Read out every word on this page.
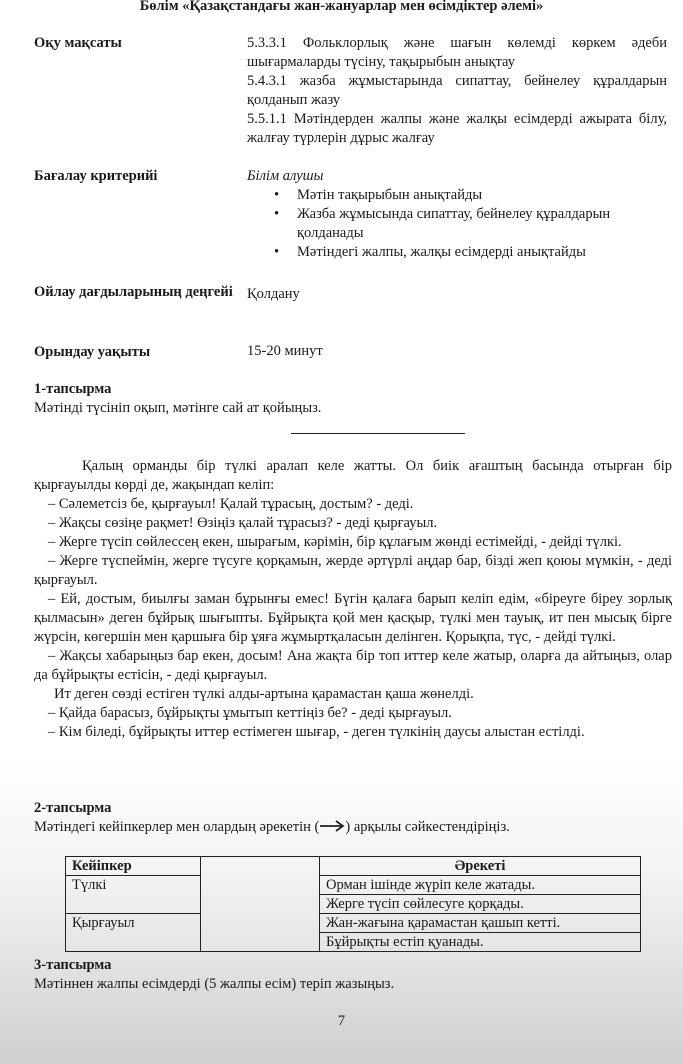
Бөлім «Қазақстандағы жан-жануарлар мен өсімдіктер әлемі»
Оқу мақсаты	5.3.3.1 Фольклорлық және шағын көлемді көркем әдеби шығармаларды түсіну, тақырыбын анықтау
5.4.3.1 жазба жұмыстарында сипаттау, бейнелеу құралдарын қолданып жазу
5.5.1.1 Мәтіндерден жалпы және жалқы есімдерді ажырата білу, жалғау түрлерін дұрыс жалғау
Бағалау критерийі	Білім алушы
• Мәтін тақырыбын анықтайды
• Жазба жұмысында сипаттау, бейнелеу құралдарын қолданады
• Мәтіндегі жалпы, жалқы есімдерді анықтайды
Ойлау дағдыларының деңгейі Қолдану
Орындау уақыты	15-20 минут
1-тапсырма
Мәтінді түсініп оқып, мәтінге сай ат қойыңыз.

Қалың орманды бір түлкі аралап келе жатты. Ол биік ағаштың басында отырған бір қырғауылды көрді де, жақындап келіп:

– Сәлеметсіз бе, қырғауыл! Қалай тұрасың, достым? - деді.

– Жақсы сөзіңе рақмет! Өзіңіз қалай тұрасыз? - деді қырғауыл.

– Жерге түсіп сөйлессең екен, шырағым, кәрімін, бір құлағым жөнді естімейді, - дейді түлкі.

– Жерге түспеймін, жерге түсуге қорқамын, жерде әртүрлі аңдар бар, бізді жеп қоюы мүмкін, - деді қырғауыл.

– Ей, достым, биылғы заман бұрынғы емес! Бүгін қалаға барып келіп едім, «біреуге біреу зорлық қылмасын» деген бұйрық шығыпты. Бұйрықта қой мен қасқыр, түлкі мен тауық, ит пен мысық бірге жүрсін, көгершін мен қаршыға бір ұяға жұмыртқаласын делінген. Қорықпа, түс, - дейді түлкі.

– Жақсы хабарыңыз бар екен, досым! Ана жақта бір топ иттер келе жатыр, оларға да айтыңыз, олар да бұйрықты естісін, - деді қырғауыл.

Ит деген сөзді естіген түлкі алды-артына қарамастан қаша жөнелді.

– Қайда барасыз, бұйрықты ұмытып кеттіңіз бе? - деді қырғауыл.

– Кім біледі, бұйрықты иттер естімеген шығар, - деген түлкінің даусы алыстан естілді.

2-тапсырма
Мәтіндегі кейіпкерлер мен олардың әрекетін ( ) арқылы сәйкестендіріңіз.
Кейіпкер		Әрекеті
Түлкі		Орман ішінде жүріп келе жатады.
		Жерге түсіп сөйлесуге қорқады.
Қырғауыл		Жан-жағына қарамастан қашып кетті.
		Бұйрықты естіп қуанады.
3-тапсырма
Мәтіннен жалпы есімдерді (5 жалпы есім) теріп жазыңыз.
7
